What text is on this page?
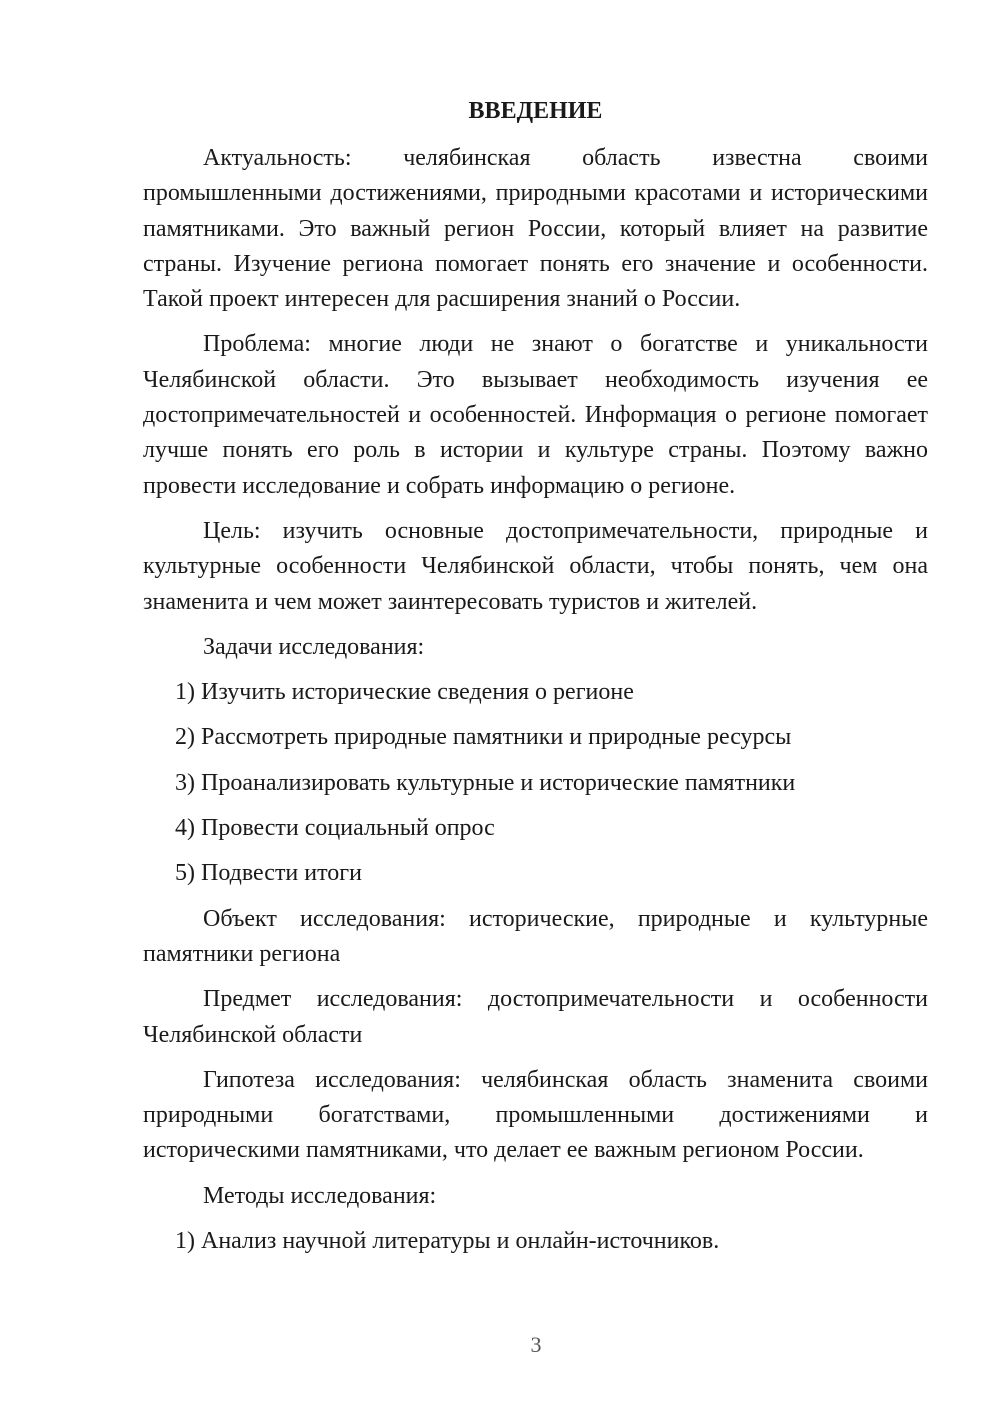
ВВЕДЕНИЕ

Актуальность: челябинская область известна своими промышленными достижениями, природными красотами и историческими памятниками. Это важный регион России, который влияет на развитие страны. Изучение региона помогает понять его значение и особенности. Такой проект интересен для расширения знаний о России.

Проблема: многие люди не знают о богатстве и уникальности Челябинской области. Это вызывает необходимость изучения ее достопримечательностей и особенностей. Информация о регионе помогает лучше понять его роль в истории и культуре страны. Поэтому важно провести исследование и собрать информацию о регионе.

Цель: изучить основные достопримечательности, природные и культурные особенности Челябинской области, чтобы понять, чем она знаменита и чем может заинтересовать туристов и жителей.

Задачи исследования:
1) Изучить исторические сведения о регионе
2) Рассмотреть природные памятники и природные ресурсы
3) Проанализировать культурные и исторические памятники
4) Провести социальный опрос
5) Подвести итоги

Объект исследования: исторические, природные и культурные памятники региона

Предмет исследования: достопримечательности и особенности Челябинской области

Гипотеза исследования: челябинская область знаменита своими природными богатствами, промышленными достижениями и историческими памятниками, что делает ее важным регионом России.

Методы исследования:
1) Анализ научной литературы и онлайн-источников.
3
